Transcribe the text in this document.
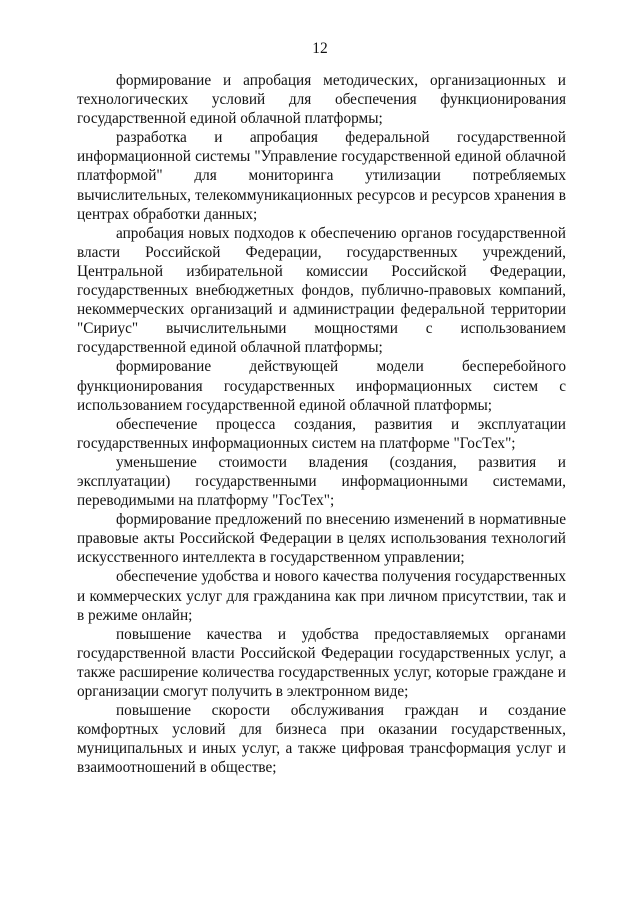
12

формирование и апробация методических, организационных и технологических условий для обеспечения функционирования государственной единой облачной платформы;

разработка и апробация федеральной государственной информационной системы "Управление государственной единой облачной платформой" для мониторинга утилизации потребляемых вычислительных, телекоммуникационных ресурсов и ресурсов хранения в центрах обработки данных;

апробация новых подходов к обеспечению органов государственной власти Российской Федерации, государственных учреждений, Центральной избирательной комиссии Российской Федерации, государственных внебюджетных фондов, публично-правовых компаний, некоммерческих организаций и администрации федеральной территории "Сириус" вычислительными мощностями с использованием государственной единой облачной платформы;

формирование действующей модели бесперебойного функционирования государственных информационных систем с использованием государственной единой облачной платформы;

обеспечение процесса создания, развития и эксплуатации государственных информационных систем на платформе "ГосТех";

уменьшение стоимости владения (создания, развития и эксплуатации) государственными информационными системами, переводимыми на платформу "ГосТех";

формирование предложений по внесению изменений в нормативные правовые акты Российской Федерации в целях использования технологий искусственного интеллекта в государственном управлении;

обеспечение удобства и нового качества получения государственных и коммерческих услуг для гражданина как при личном присутствии, так и в режиме онлайн;

повышение качества и удобства предоставляемых органами государственной власти Российской Федерации государственных услуг, а также расширение количества государственных услуг, которые граждане и организации смогут получить в электронном виде;

повышение скорости обслуживания граждан и создание комфортных условий для бизнеса при оказании государственных, муниципальных и иных услуг, а также цифровая трансформация услуг и взаимоотношений в обществе;
